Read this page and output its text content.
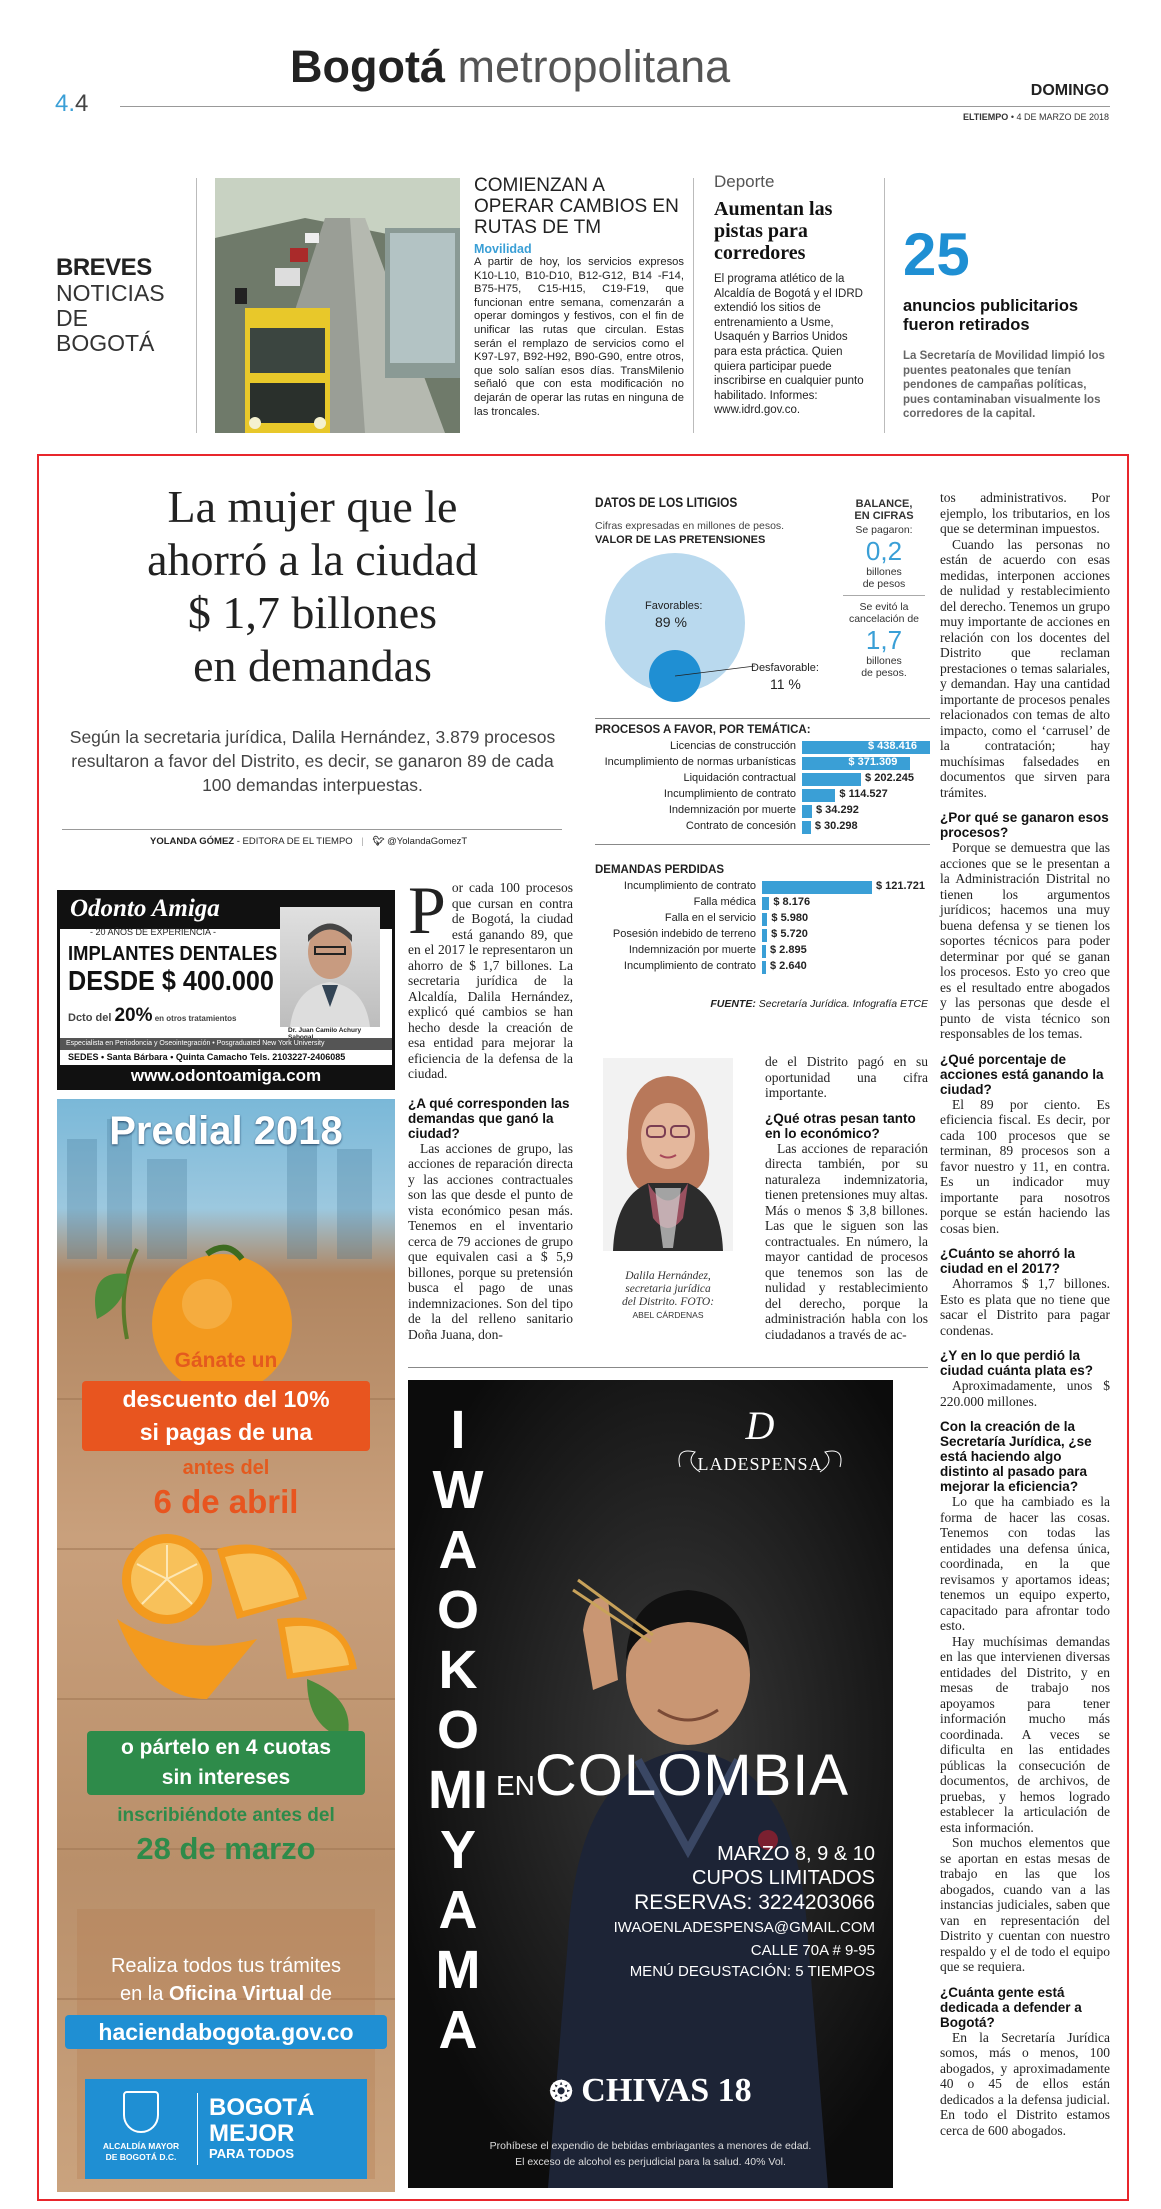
Bogotá metropolitana
4.4	DOMINGO
ELTIEMPO • 4 DE MARZO DE 2018
BREVES
NOTICIAS
DE BOGOTÁ
COMIENZAN A OPERAR CAMBIOS EN RUTAS DE TM
Movilidad
A partir de hoy, los servicios expresos K10-L10, B10-D10, B12-G12, B14 -F14, B75-H75, C15-H15, C19-F19, que funcionan entre semana, comenzarán a operar domingos y festivos, con el fin de unificar las rutas que circulan. Estas serán el remplazo de servicios como el K97-L97, B92-H92, B90-G90, entre otros, que solo salían esos días. TransMilenio señaló que con esta modificación no dejarán de operar las rutas en ninguna de las troncales.
Deporte
Aumentan las pistas para corredores
El programa atlético de la Alcaldía de Bogotá y el IDRD extendió los sitios de entrenamiento a Usme, Usaquén y Barrios Unidos para esta práctica. Quien quiera participar puede inscribirse en cualquier punto habilitado. Informes: www.idrd.gov.co.
25
anuncios publicitarios fueron retirados
La Secretaría de Movilidad limpió los puentes peatonales que tenían pendones de campañas políticas, pues contaminaban visualmente los corredores de la capital.
La mujer que le
ahorró a la ciudad
$ 1,7 billones
en demandas
Según la secretaria jurídica, Dalila Hernández, 3.879 procesos resultaron a favor del Distrito, es decir, se ganaron 89 de cada 100 demandas interpuestas.
YOLANDA GÓMEZ - EDITORA DE EL TIEMPO | 🐦︎ @YolandaGomezT
Odonto Amiga
- 20 AÑOS DE EXPERIENCIA -
IMPLANTES DENTALES
DESDE $ 400.000
Dcto del 20% en otros tratamientos
Dr. Juan Camilo Achury
Especialista en Periodoncia y Oseointegración • Posgraduated New York University
SEDES • Santa Bárbara • Quinta Camacho Tels. 2103227-2406085
www.odontoamiga.com
Predial 2018
Gánate un
descuento del 10%
si pagas de una
antes del
6 de abril
o pártelo en 4 cuotas
sin intereses
inscribiéndote antes del
28 de marzo
Realiza todos tus trámites
en la Oficina Virtual de
haciendabogota.gov.co
ALCALDÍA MAYOR
DE BOGOTÁ D.C.
BOGOTÁ
MEJOR
PARA TODOS

Por cada 100 procesos que cursan en contra de Bogotá, la ciudad está ganando 89, que en el 2017 le representaron un ahorro de $ 1,7 billones. La secretaria jurídica de la Alcaldía, Dalila Hernández, explicó qué cambios se han hecho desde la creación de esa entidad para mejorar la eficiencia de la defensa de la ciudad.

¿A qué corresponden las demandas que ganó la ciudad?

Las acciones de grupo, las acciones de reparación directa y las acciones contractuales son las que desde el punto de vista económico pesan más. Tenemos en el inventario cerca de 79 acciones de grupo que equivalen casi a $ 5,9 billones, porque su pretensión busca el pago de unas indemnizaciones. Son del tipo de la del relleno sanitario Doña Juana, don-

Dalila Hernández,
secretaria jurídica
del Distrito. FOTO:
ABEL CÁRDENAS

de el Distrito pagó en su oportunidad una cifra importante.

¿Qué otras pesan tanto en lo económico?

Las acciones de reparación directa también, por su naturaleza indemnizatoria, tienen pretensiones muy altas. Más o menos $ 3,8 billones. Las que le siguen son las contractuales. En número, la mayor cantidad de procesos que tenemos son las de nulidad y restablecimiento del derecho, porque la administración habla con los ciudadanos a través de ac-

tos administrativos. Por ejemplo, los tributarios, en los que se determinan impuestos.

Cuando las personas no están de acuerdo con esas medidas, interponen acciones de nulidad y restablecimiento del derecho. Tenemos un grupo muy importante de acciones en relación con los docentes del Distrito que reclaman prestaciones o temas salariales, y demandan. Hay una cantidad importante de procesos penales relacionados con temas de alto impacto, como el ‘carrusel’ de la contratación; hay muchísimas falsedades en documentos que sirven para trámites.

¿Por qué se ganaron esos procesos?

Porque se demuestra que las acciones que se le presentan a la Administración Distrital no tienen los argumentos jurídicos; hacemos una muy buena defensa y se tienen los soportes técnicos para poder determinar por qué se ganan los procesos. Esto yo creo que es el resultado entre abogados y las personas que desde el punto de vista técnico son responsables de los temas.

¿Qué porcentaje de acciones está ganando la ciudad?

El 89 por ciento. Es eficiencia fiscal. Es decir, por cada 100 procesos que se terminan, 89 procesos son a favor nuestro y 11, en contra. Es un indicador muy importante para nosotros porque se están haciendo las cosas bien.

¿Cuánto se ahorró la ciudad en el 2017?

Ahorramos $ 1,7 billones. Esto es plata que no tiene que sacar el Distrito para pagar condenas.

¿Y en lo que perdió la ciudad cuánta plata es?

Aproximadamente, unos $ 220.000 millones.

Con la creación de la Secretaría Jurídica, ¿se está haciendo algo distinto al pasado para mejorar la eficiencia?

Lo que ha cambiado es la forma de hacer las cosas. Tenemos con todas las entidades una defensa única, coordinada, en la que revisamos y aportamos ideas; tenemos un equipo experto, capacitado para afrontar todo esto.

Hay muchísimas demandas en las que intervienen diversas entidades del Distrito, y en mesas de trabajo nos apoyamos para tener información mucho más coordinada. A veces se dificulta en las entidades públicas la consecución de documentos, de archivos, de pruebas, y hemos logrado establecer la articulación de esta información.

Son muchos elementos que se aportan en estas mesas de trabajo en las que los abogados, cuando van a las instancias judiciales, saben que van en representación del Distrito y cuentan con nuestro respaldo y el de todo el equipo que se requiera.

¿Cuánta gente está dedicada a defender a Bogotá?

En la Secretaría Jurídica somos, más o menos, 100 abogados, y aproximadamente 40 o 45 de ellos están dedicados a la defensa judicial. En todo el Distrito estamos cerca de 600 abogados.

DATOS DE LOS LITIGIOS
Cifras expresadas en millones de pesos.
VALOR DE LAS PRETENSIONES
Favorables:
89 %
Desfavorable:
11 %
BALANCE,
EN CIFRAS
Se pagaron:
0,2
billones
de pesos
Se evitó la
cancelación de
1,7
billones
de pesos.
PROCESOS A FAVOR, POR TEMÁTICA:
Licencias de construcción	$ 438.416
Incumplimiento de normas urbanísticas	$ 371.309
Liquidación contractual	$ 202.245
Incumplimiento de contrato	$ 114.527
Indemnización por muerte $ 34.292
Contrato de concesión $ 30.298
DEMANDAS PERDIDAS
Incumplimiento de contrato	$ 121.721
Falla médica $ 8.176
Falla en el servicio $ 5.980
Posesión indebido de terreno $ 5.720
Indemnización por muerte $ 2.895
Incumplimiento de contrato $ 2.640
FUENTE: Secretaría Jurídica. Infografía ETCE
IWAO KOMIYAMA
D
LADESPENSA
ENCOLOMBIA
MARZO 8, 9 & 10
CUPOS LIMITADOS
RESERVAS: 3224203066
IWAOENLADESPENSA@GMAIL.COM
CALLE 70A # 9-95
MENÚ DEGUSTACIÓN: 5 TIEMPOS
❂ CHIVAS 18
Prohíbese el expendio de bebidas embriagantes a menores de edad.
El exceso de alcohol es perjudicial para la salud. 40% Vol.
